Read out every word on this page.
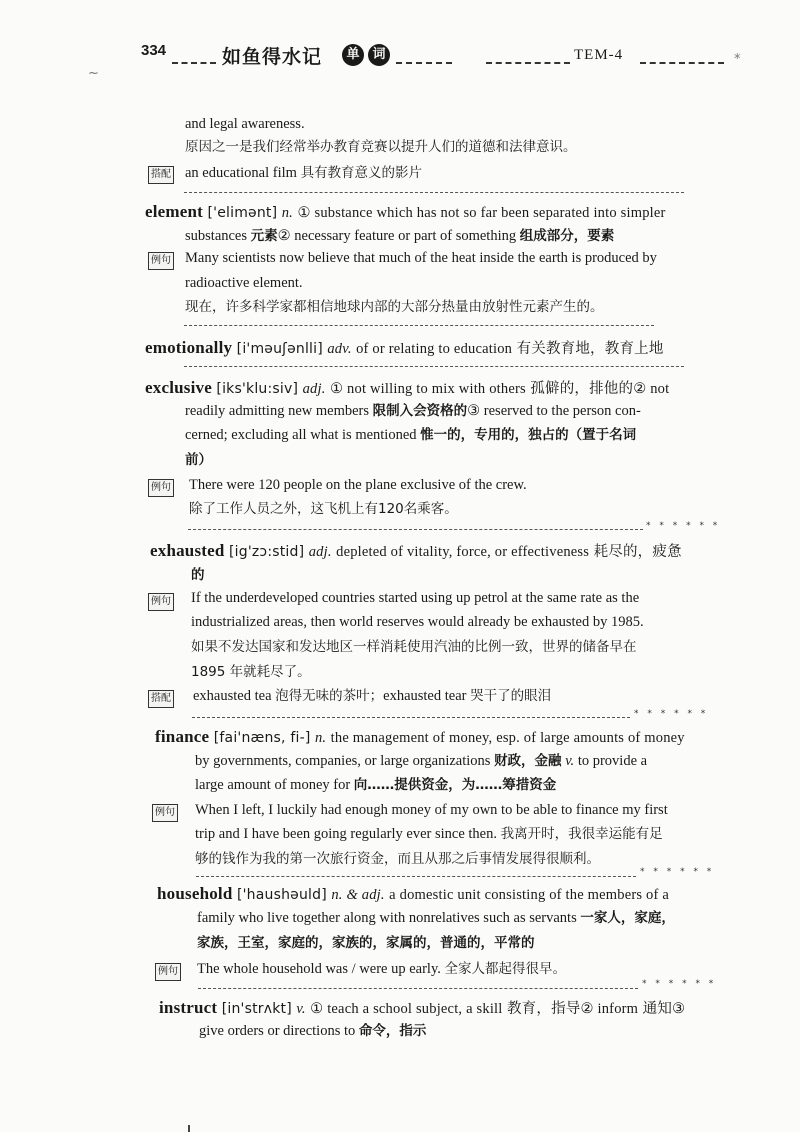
334	如鱼得水记	单 词	TEM-4
~
*
and legal awareness.
原因之一是我们经常举办教育竞赛以提升人们的道德和法律意识。
搭配 an educational film 具有教育意义的影片
element ['elimənt] n. ① substance which has not so far been separated into simpler
substances 元素② necessary feature or part of something 组成部分，要素
例句 Many scientists now believe that much of the heat inside the earth is produced by
radioactive element.
现在，许多科学家都相信地球内部的大部分热量由放射性元素产生的。
emotionally [i'məuʃənlli] adv. of or relating to education 有关教育地，教育上地
exclusive [iks'klu:siv] adj. ① not willing to mix with others 孤僻的，排他的② not
readily admitting new members 限制入会资格的③ reserved to the person con-
cerned; excluding all what is mentioned 惟一的，专用的，独占的（置于名词
前）
例句 There were 120 people on the plane exclusive of the crew.
除了工作人员之外，这飞机上有120名乘客。
* * * * * *
exhausted [ig'zɔ:stid] adj. depleted of vitality, force, or effectiveness 耗尽的，疲惫
的
例句 If the underdeveloped countries started using up petrol at the same rate as the
industrialized areas, then world reserves would already be exhausted by 1985.
如果不发达国家和发达地区一样消耗使用汽油的比例一致，世界的储备早在
1895 年就耗尽了。
搭配 exhausted tea 泡得无味的茶叶；exhausted tear 哭干了的眼泪
* * * * * *
finance [fai'næns, fi-] n. the management of money, esp. of large amounts of money
by governments, companies, or large organizations 财政，金融 v. to provide a
large amount of money for 向……提供资金，为……筹措资金
例句 When I left, I luckily had enough money of my own to be able to finance my first
trip and I have been going regularly ever since then. 我离开时，我很幸运能有足
够的钱作为我的第一次旅行资金，而且从那之后事情发展得很顺利。
* * * * * *
household ['haushəuld] n. & adj. a domestic unit consisting of the members of a
family who live together along with nonrelatives such as servants 一家人，家庭，
家族，王室，家庭的，家族的，家属的，普通的，平常的
例句 The whole household was / were up early. 全家人都起得很早。
* * * * * *
instruct [in'strʌkt] v. ① teach a school subject, a skill 教育，指导② inform 通知③
give orders or directions to 命令，指示
